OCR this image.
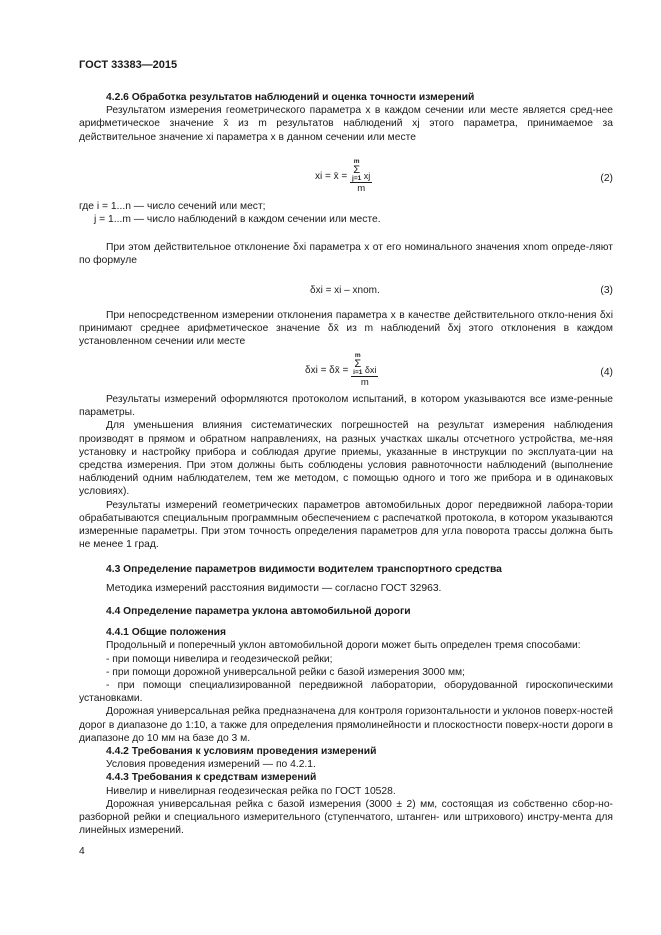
ГОСТ 33383—2015

4.2.6 Обработка результатов наблюдений и оценка точности измерений

Результатом измерения геометрического параметра x в каждом сечении или месте является сред-нее арифметическое значение x̄ из m результатов наблюдений xj этого параметра, принимаемое за действительное значение xi параметра x в данном сечении или месте

xi = x̄ = m
Σ
j=1 xj
m	(2)

где i = 1...n — число сечений или мест;

j = 1...m — число наблюдений в каждом сечении или месте.

При этом действительное отклонение δxi параметра x от его номинального значения xnom опреде-ляют по формуле

δxi = xi – xnom.	(3)

При непосредственном измерении отклонения параметра x в качестве действительного откло-нения δxi принимают среднее арифметическое значение δx̄ из m наблюдений δxj этого отклонения в каждом установленном сечении или месте

δxi = δx̄ = m
Σ
i=1 δxi
m	(4)

Результаты измерений оформляются протоколом испытаний, в котором указываются все изме-ренные параметры.

Для уменьшения влияния систематических погрешностей на результат измерения наблюдения производят в прямом и обратном направлениях, на разных участках шкалы отсчетного устройства, ме-няя установку и настройку прибора и соблюдая другие приемы, указанные в инструкции по эксплуата-ции на средства измерения. При этом должны быть соблюдены условия равноточности наблюдений (выполнение наблюдений одним наблюдателем, тем же методом, с помощью одного и того же прибора и в одинаковых условиях).

Результаты измерений геометрических параметров автомобильных дорог передвижной лабора-тории обрабатываются специальным программным обеспечением с распечаткой протокола, в котором указываются измеренные параметры. При этом точность определения параметров для угла поворота трассы должна быть не менее 1 град.

4.3 Определение параметров видимости водителем транспортного средства

Методика измерений расстояния видимости — согласно ГОСТ 32963.

4.4 Определение параметра уклона автомобильной дороги

4.4.1 Общие положения

Продольный и поперечный уклон автомобильной дороги может быть определен тремя способами:

- при помощи нивелира и геодезической рейки;

- при помощи дорожной универсальной рейки с базой измерения 3000 мм;

- при помощи специализированной передвижной лаборатории, оборудованной гироскопическими установками.

Дорожная универсальная рейка предназначена для контроля горизонтальности и уклонов поверх-ностей дорог в диапазоне до 1:10, а также для определения прямолинейности и плоскостности поверх-ности дороги в диапазоне до 10 мм на базе до 3 м.

4.4.2 Требования к условиям проведения измерений

Условия проведения измерений — по 4.2.1.

4.4.3 Требования к средствам измерений

Нивелир и нивелирная геодезическая рейка по ГОСТ 10528.

Дорожная универсальная рейка с базой измерения (3000 ± 2) мм, состоящая из собственно сбор-но-разборной рейки и специального измерительного (ступенчатого, штанген- или штрихового) инстру-мента для линейных измерений.

4
